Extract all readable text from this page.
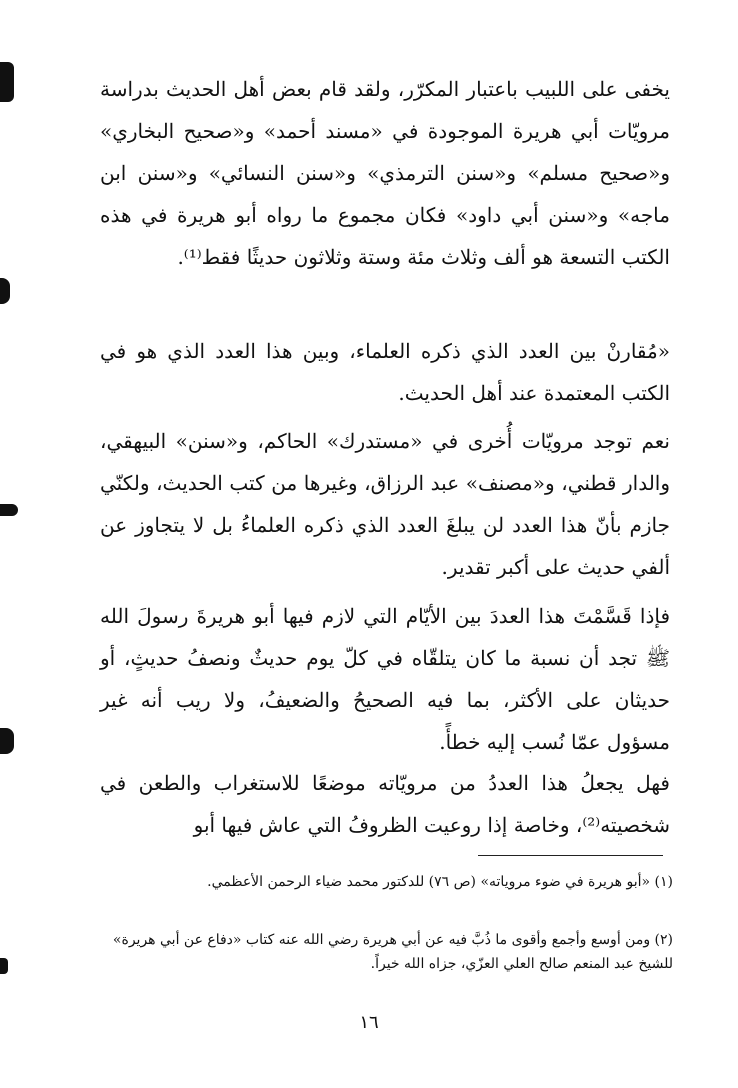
يخفى على اللبيب باعتبار المكرّر، ولقد قام بعض أهل الحديث بدراسة مرويّات أبي هريرة الموجودة في «مسند أحمد» و«صحيح البخاري» و«صحيح مسلم» و«سنن الترمذي» و«سنن النسائي» و«سنن ابن ماجه» و«سنن أبي داود» فكان مجموع ما رواه أبو هريرة في هذه الكتب التسعة هو ألف وثلاث مئة وستة وثلاثون حديثًا فقط⁽¹⁾.

«مُقارنْ بين العدد الذي ذكره العلماء، وبين هذا العدد الذي هو في الكتب المعتمدة عند أهل الحديث.

نعم توجد مرويّات أُخرى في «مستدرك» الحاكم، و«سنن» البيهقي، والدار قطني، و«مصنف» عبد الرزاق، وغيرها من كتب الحديث، ولكنّي جازم بأنّ هذا العدد لن يبلغَ العدد الذي ذكره العلماءُ بل لا يتجاوز عن ألفي حديث على أكبر تقدير.

فإذا قَسَّمْتَ هذا العددَ بين الأيّام التي لازم فيها أبو هريرةَ رسولَ الله ﷺ تجد أن نسبة ما كان يتلقّاه في كلّ يوم حديثٌ ونصفُ حديثٍ، أو حديثان على الأكثر، بما فيه الصحيحُ والضعيفُ، ولا ريب أنه غير مسؤول عمّا نُسب إليه خطأً.

فهل يجعلُ هذا العددُ من مرويّاته موضعًا للاستغراب والطعن في شخصيته⁽²⁾، وخاصة إذا روعيت الظروفُ التي عاش فيها أبو

(١) «أبو هريرة في ضوء مروياته» (ص ٧٦) للدكتور محمد ضياء الرحمن الأعظمي.

(٢) ومن أوسع وأجمع وأقوى ما ذُبَّ فيه عن أبي هريرة رضي الله عنه كتاب «دفاع عن أبي هريرة» للشيخ عبد المنعم صالح العلي العزّي، جزاه الله خيراً.

١٦
